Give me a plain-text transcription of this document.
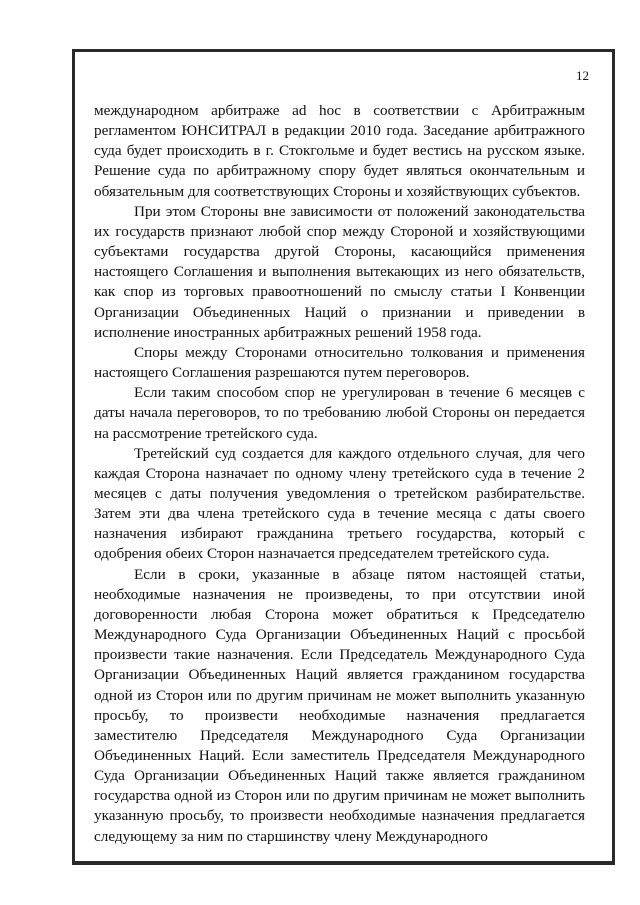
12

международном арбитраже ad hoc в соответствии с Арбитражным регламентом ЮНСИТРАЛ в редакции 2010 года. Заседание арбитражного суда будет происходить в г. Стокгольме и будет вестись на русском языке. Решение суда по арбитражному спору будет являться окончательным и обязательным для соответствующих Стороны и хозяйствующих субъектов.

При этом Стороны вне зависимости от положений законодательства их государств признают любой спор между Стороной и хозяйствующими субъектами государства другой Стороны, касающийся применения настоящего Соглашения и выполнения вытекающих из него обязательств, как спор из торговых правоотношений по смыслу статьи I Конвенции Организации Объединенных Наций о признании и приведении в исполнение иностранных арбитражных решений 1958 года.

Споры между Сторонами относительно толкования и применения настоящего Соглашения разрешаются путем переговоров.

Если таким способом спор не урегулирован в течение 6 месяцев с даты начала переговоров, то по требованию любой Стороны он передается на рассмотрение третейского суда.

Третейский суд создается для каждого отдельного случая, для чего каждая Сторона назначает по одному члену третейского суда в течение 2 месяцев с даты получения уведомления о третейском разбирательстве. Затем эти два члена третейского суда в течение месяца с даты своего назначения избирают гражданина третьего государства, который с одобрения обеих Сторон назначается председателем третейского суда.

Если в сроки, указанные в абзаце пятом настоящей статьи, необходимые назначения не произведены, то при отсутствии иной договоренности любая Сторона может обратиться к Председателю Международного Суда Организации Объединенных Наций с просьбой произвести такие назначения. Если Председатель Международного Суда Организации Объединенных Наций является гражданином государства одной из Сторон или по другим причинам не может выполнить указанную просьбу, то произвести необходимые назначения предлагается заместителю Председателя Международного Суда Организации Объединенных Наций. Если заместитель Председателя Международного Суда Организации Объединенных Наций также является гражданином государства одной из Сторон или по другим причинам не может выполнить указанную просьбу, то произвести необходимые назначения предлагается следующему за ним по старшинству члену Международного
